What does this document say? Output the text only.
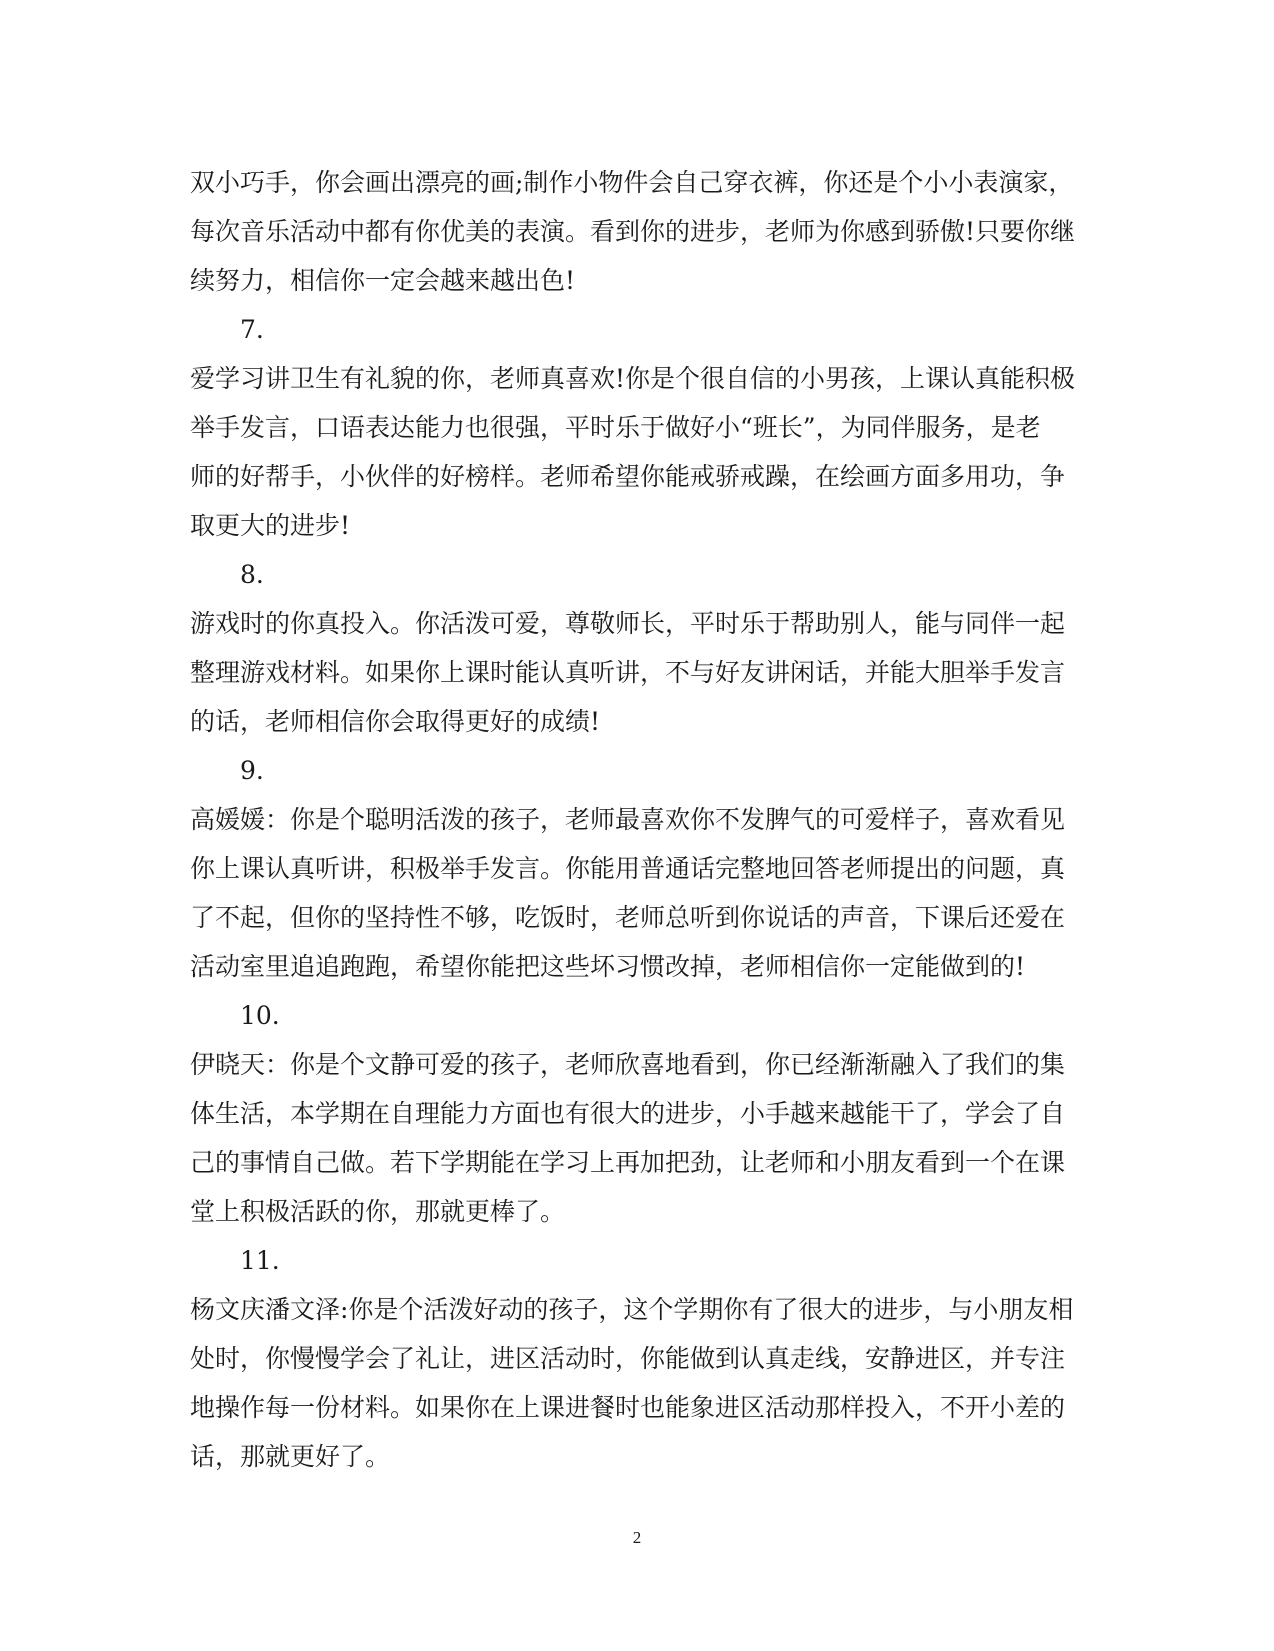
双小巧手，你会画出漂亮的画;制作小物件会自己穿衣裤，你还是个小小表演家，
每次音乐活动中都有你优美的表演。看到你的进步，老师为你感到骄傲!只要你继
续努力，相信你一定会越来越出色!
7.
爱学习讲卫生有礼貌的你，老师真喜欢!你是个很自信的小男孩，上课认真能积极
举手发言，口语表达能力也很强，平时乐于做好小“班长”，为同伴服务，是老
师的好帮手，小伙伴的好榜样。老师希望你能戒骄戒躁，在绘画方面多用功，争
取更大的进步!
8.
游戏时的你真投入。你活泼可爱，尊敬师长，平时乐于帮助别人，能与同伴一起
整理游戏材料。如果你上课时能认真听讲，不与好友讲闲话，并能大胆举手发言
的话，老师相信你会取得更好的成绩!
9.
高媛媛：你是个聪明活泼的孩子，老师最喜欢你不发脾气的可爱样子，喜欢看见
你上课认真听讲，积极举手发言。你能用普通话完整地回答老师提出的问题，真
了不起，但你的坚持性不够，吃饭时，老师总听到你说话的声音，下课后还爱在
活动室里追追跑跑，希望你能把这些坏习惯改掉，老师相信你一定能做到的!
10.
伊晓天：你是个文静可爱的孩子，老师欣喜地看到，你已经渐渐融入了我们的集
体生活，本学期在自理能力方面也有很大的进步，小手越来越能干了，学会了自
己的事情自己做。若下学期能在学习上再加把劲，让老师和小朋友看到一个在课
堂上积极活跃的你，那就更棒了。
11.
杨文庆潘文泽:你是个活泼好动的孩子，这个学期你有了很大的进步，与小朋友相
处时，你慢慢学会了礼让，进区活动时，你能做到认真走线，安静进区，并专注
地操作每一份材料。如果你在上课进餐时也能象进区活动那样投入，不开小差的
话，那就更好了。
2
